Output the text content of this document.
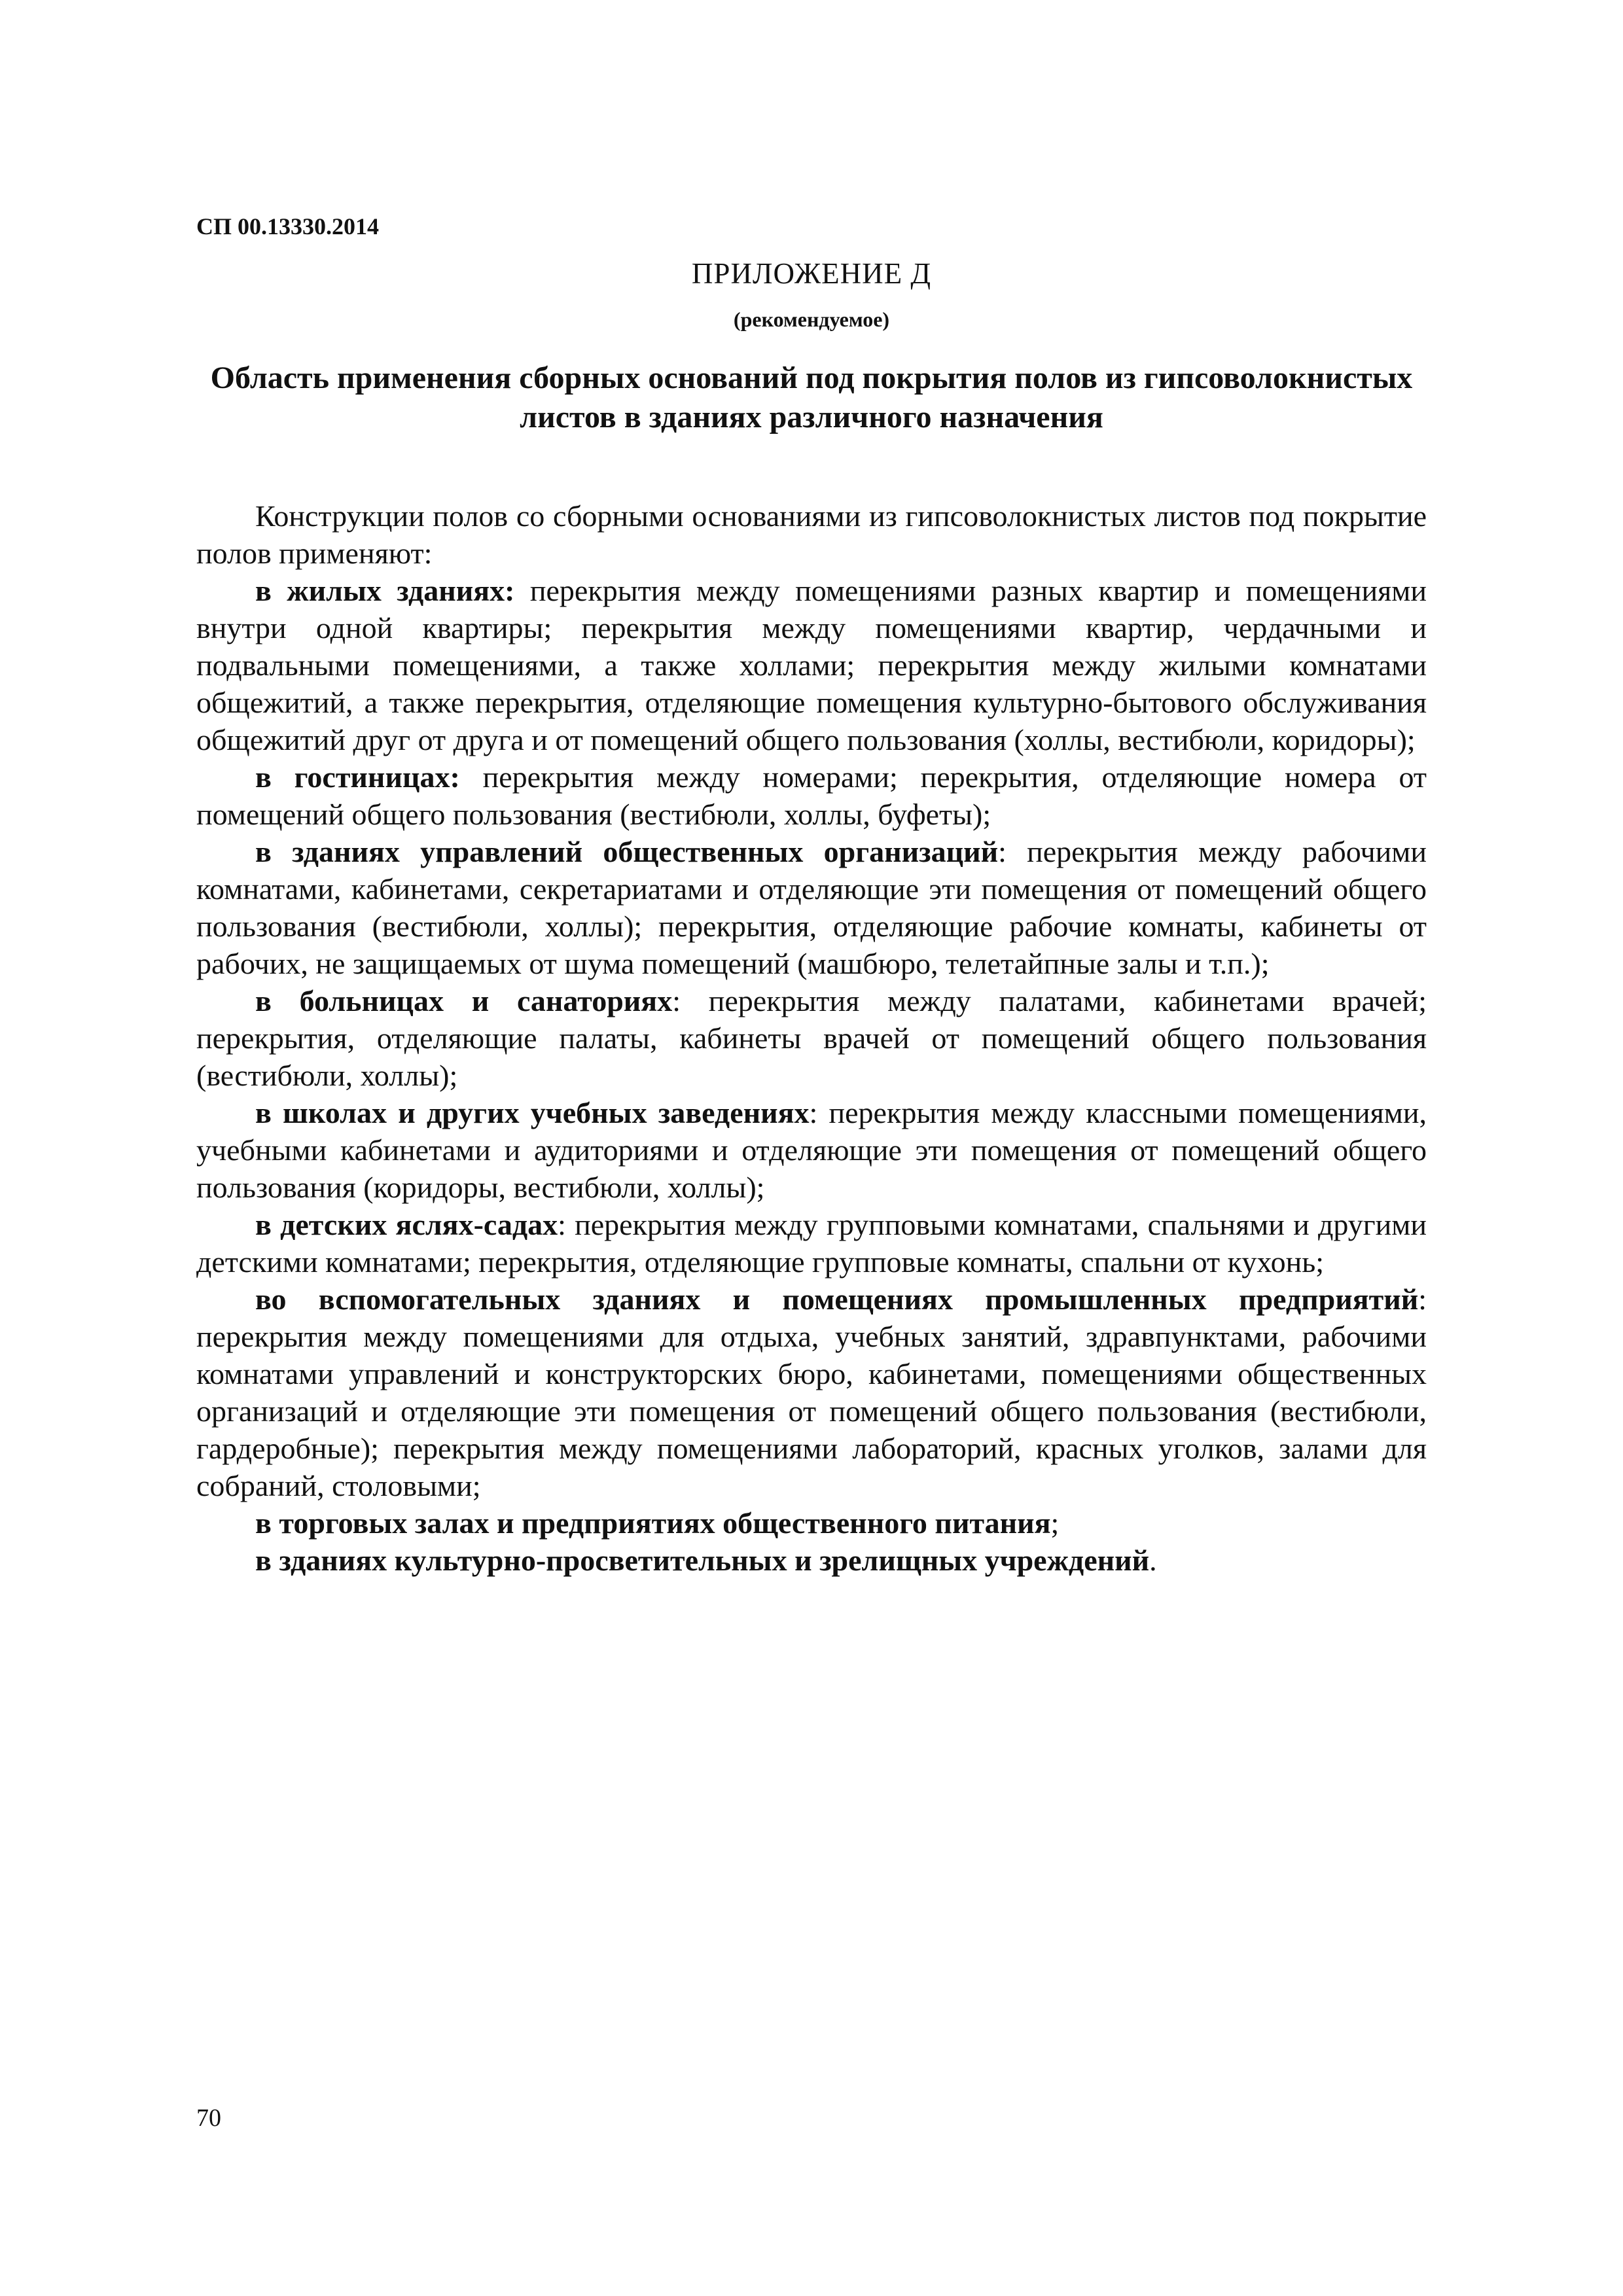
СП 00.13330.2014

ПРИЛОЖЕНИЕ Д

(рекомендуемое)

Область применения сборных оснований под покрытия полов из гипсоволокнистых листов в зданиях различного назначения

Конструкции полов со сборными основаниями из гипсоволокнистых листов под покрытие полов применяют:

в жилых зданиях: перекрытия между помещениями разных квартир и помещениями внутри одной квартиры; перекрытия между помещениями квартир, чердачными и подвальными помещениями, а также холлами; перекрытия между жилыми комнатами общежитий, а также перекрытия, отделяющие помещения культурно-бытового обслуживания общежитий друг от друга и от помещений общего пользования (холлы, вестибюли, коридоры);

в гостиницах: перекрытия между номерами; перекрытия, отделяющие номера от помещений общего пользования (вестибюли, холлы, буфеты);

в зданиях управлений общественных организаций: перекрытия между рабочими комнатами, кабинетами, секретариатами и отделяющие эти помещения от помещений общего пользования (вестибюли, холлы); перекрытия, отделяющие рабочие комнаты, кабинеты от рабочих, не защищаемых от шума помещений (машбюро, телетайпные залы и т.п.);

в больницах и санаториях: перекрытия между палатами, кабинетами врачей; перекрытия, отделяющие палаты, кабинеты врачей от помещений общего пользования (вестибюли, холлы);

в школах и других учебных заведениях: перекрытия между классными помещениями, учебными кабинетами и аудиториями и отделяющие эти помещения от помещений общего пользования (коридоры, вестибюли, холлы);

в детских яслях-садах: перекрытия между групповыми комнатами, спальнями и другими детскими комнатами; перекрытия, отделяющие групповые комнаты, спальни от кухонь;

во вспомогательных зданиях и помещениях промышленных предприятий: перекрытия между помещениями для отдыха, учебных занятий, здравпунктами, рабочими комнатами управлений и конструкторских бюро, кабинетами, помещениями общественных организаций и отделяющие эти помещения от помещений общего пользования (вестибюли, гардеробные); перекрытия между помещениями лабораторий, красных уголков, залами для собраний, столовыми;

в торговых залах и предприятиях общественного питания;

в зданиях культурно-просветительных и зрелищных учреждений.

70
